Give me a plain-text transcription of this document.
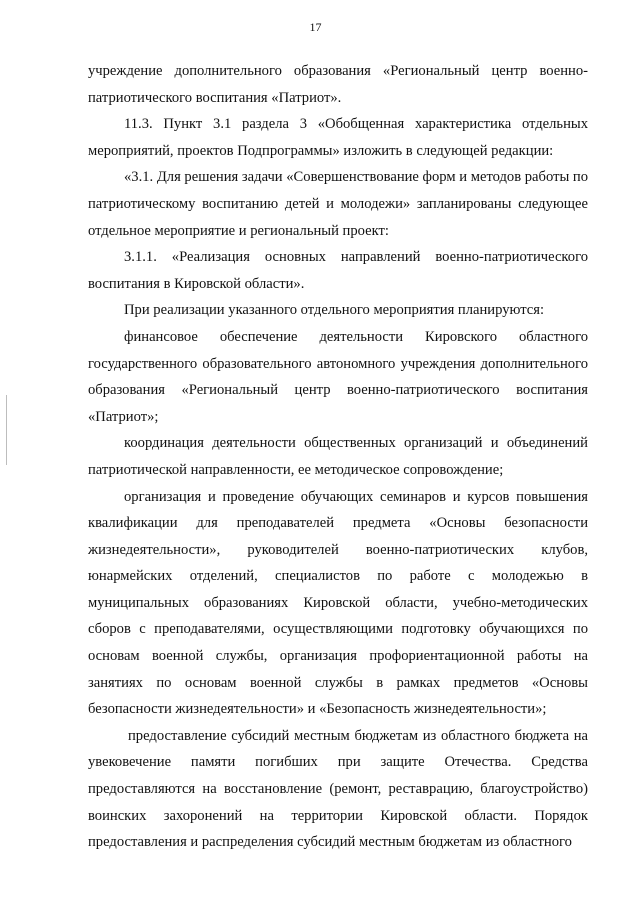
17

учреждение дополнительного образования «Региональный центр военно-патриотического воспитания «Патриот».

11.3. Пункт 3.1 раздела 3 «Обобщенная характеристика отдельных мероприятий, проектов Подпрограммы» изложить в следующей редакции:

«3.1. Для решения задачи «Совершенствование форм и методов работы по патриотическому воспитанию детей и молодежи» запланированы следующее отдельное мероприятие и региональный проект:

3.1.1. «Реализация основных направлений военно-патриотического воспитания в Кировской области».

При реализации указанного отдельного мероприятия планируются:

финансовое обеспечение деятельности Кировского областного государственного образовательного автономного учреждения дополнительного образования «Региональный центр военно-патриотического воспитания «Патриот»;

координация деятельности общественных организаций и объединений патриотической направленности, ее методическое сопровождение;

организация и проведение обучающих семинаров и курсов повышения квалификации для преподавателей предмета «Основы безопасности жизнедеятельности», руководителей военно-патриотических клубов, юнармейских отделений, специалистов по работе с молодежью в муниципальных образованиях Кировской области, учебно-методических сборов с преподавателями, осуществляющими подготовку обучающихся по основам военной службы, организация профориентационной работы на занятиях по основам военной службы в рамках предметов «Основы безопасности жизнедеятельности» и «Безопасность жизнедеятельности»;

предоставление субсидий местным бюджетам из областного бюджета на увековечение памяти погибших при защите Отечества. Средства предоставляются на восстановление (ремонт, реставрацию, благоустройство) воинских захоронений на территории Кировской области. Порядок предоставления и распределения субсидий местным бюджетам из областного
